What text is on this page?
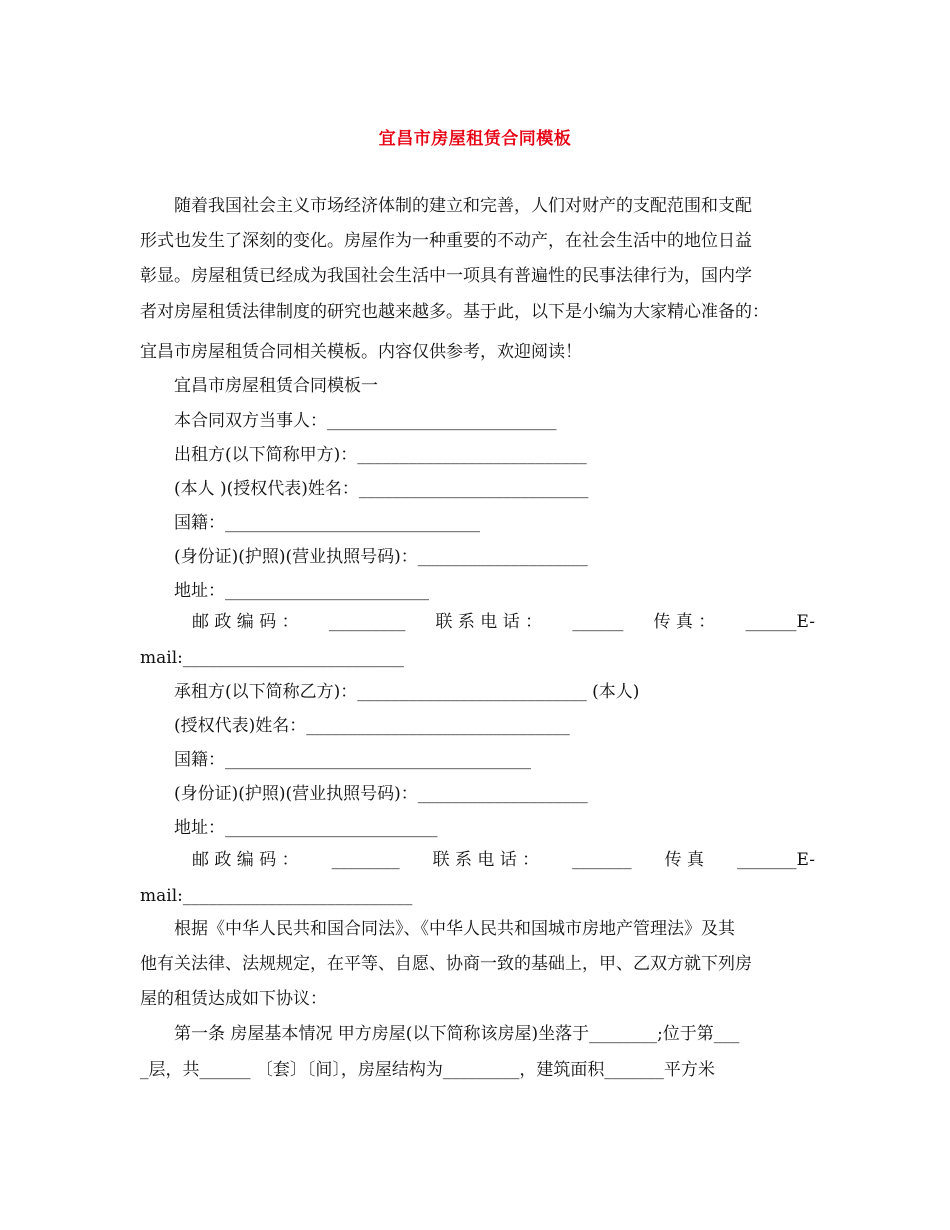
宜昌市房屋租赁合同模板
随着我国社会主义市场经济体制的建立和完善，人们对财产的支配范围和支配
形式也发生了深刻的变化。房屋作为一种重要的不动产，在社会生活中的地位日益
彰显。房屋租赁已经成为我国社会生活中一项具有普遍性的民事法律行为，国内学
者对房屋租赁法律制度的研究也越来越多。基于此，以下是小编为大家精心准备的：
宜昌市房屋租赁合同相关模板。内容仅供参考，欢迎阅读！
宜昌市房屋租赁合同模板一
本合同双方当事人：___________________________
出租方(以下简称甲方)：___________________________
(本人 )(授权代表)姓名：___________________________
国籍：______________________________
(身份证)(护照)(营业执照号码)：____________________
地址：________________________
邮 政 编 码 ： _________ 联 系 电 话 ： ______ 传 真 ： ______E-
mail:__________________________
承租方(以下简称乙方)：___________________________ (本人)
(授权代表)姓名：_______________________________
国籍：____________________________________
(身份证)(护照)(营业执照号码)：____________________
地址：_________________________
邮 政 编 码 ： ________ 联 系 电 话 ： _______ 传 真 _______E-
mail:___________________________
根据《中华人民共和国合同法》、《中华人民共和国城市房地产管理法》及其
他有关法律、法规规定，在平等、自愿、协商一致的基础上，甲、乙双方就下列房
屋的租赁达成如下协议：
第一条 房屋基本情况 甲方房屋(以下简称该房屋)坐落于________;位于第___
_层，共______ 〔套〕〔间〕，房屋结构为_________，建筑面积_______平方米
